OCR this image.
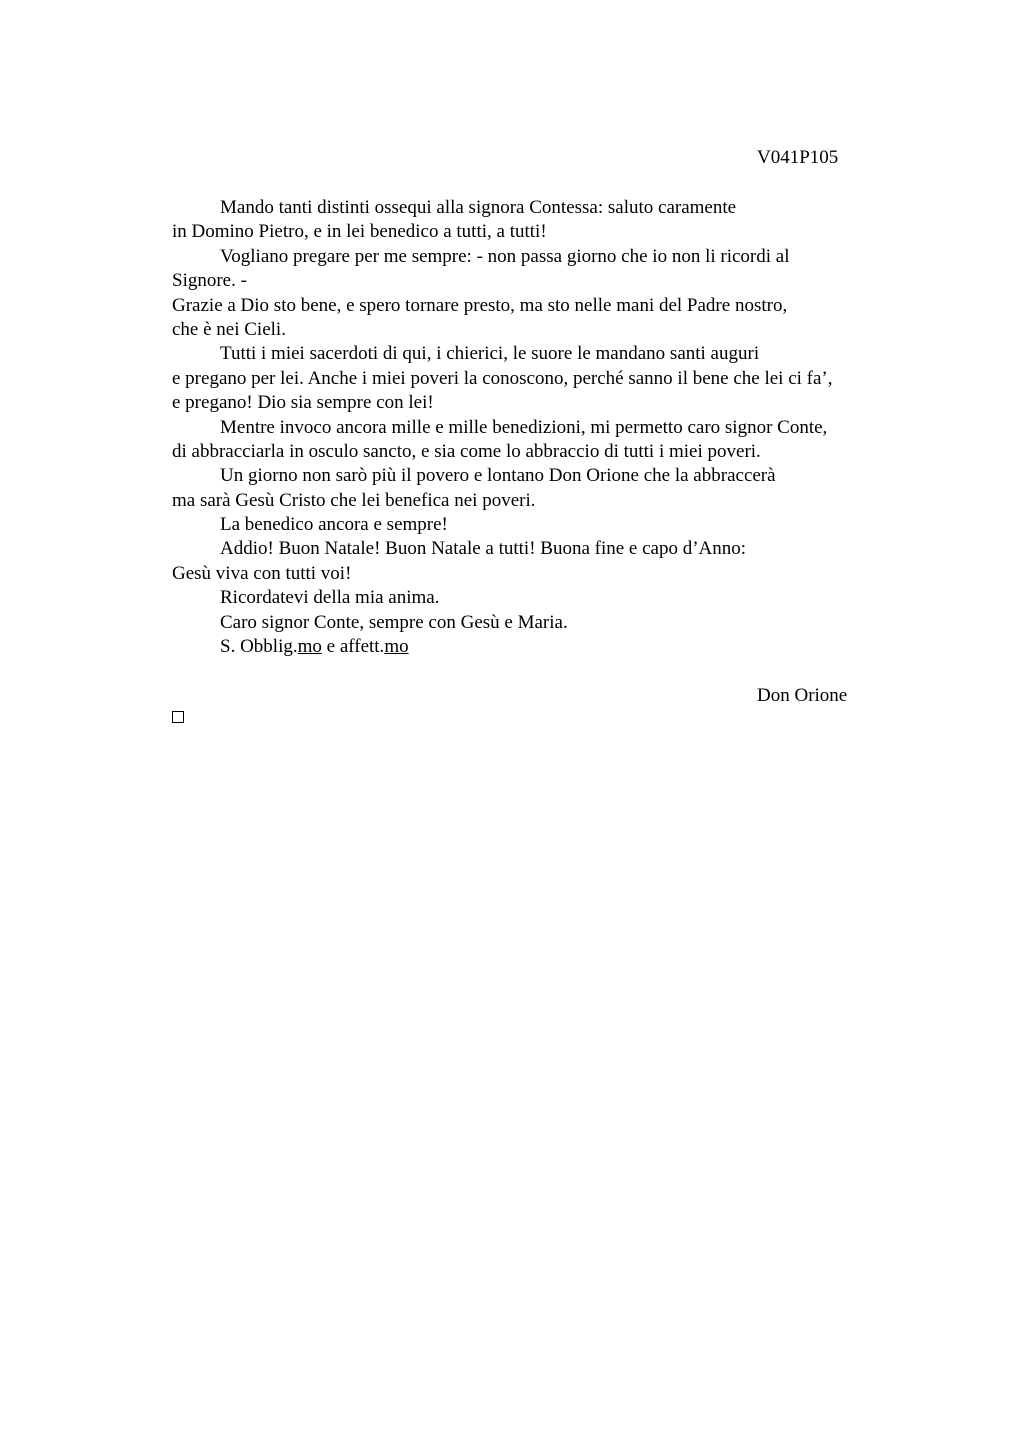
V041P105
Mando tanti distinti ossequi alla signora Contessa: saluto caramente
in Domino Pietro, e in lei benedico a tutti, a tutti!
Vogliano pregare per me sempre: - non passa giorno che io non li ricordi al
Signore. -
Grazie a Dio sto bene, e spero tornare presto, ma sto nelle mani del Padre nostro,
che è nei Cieli.
Tutti i miei sacerdoti di qui, i chierici, le suore le mandano santi auguri
e pregano per lei. Anche i miei poveri la conoscono, perché sanno il bene che lei ci fa’,
e pregano! Dio sia sempre con lei!
Mentre invoco ancora mille e mille benedizioni, mi permetto caro signor Conte,
di abbracciarla in osculo sancto, e sia come lo abbraccio di tutti i miei poveri.
Un giorno non sarò più il povero e lontano Don Orione che la abbraccerà
ma sarà Gesù Cristo che lei benefica nei poveri.
La benedico ancora e sempre!
Addio! Buon Natale! Buon Natale a tutti! Buona fine e capo d’Anno:
Gesù viva con tutti voi!
Ricordatevi della mia anima.
Caro signor Conte, sempre con Gesù e Maria.
S. Obblig.mo e affett.mo
Don Orione
